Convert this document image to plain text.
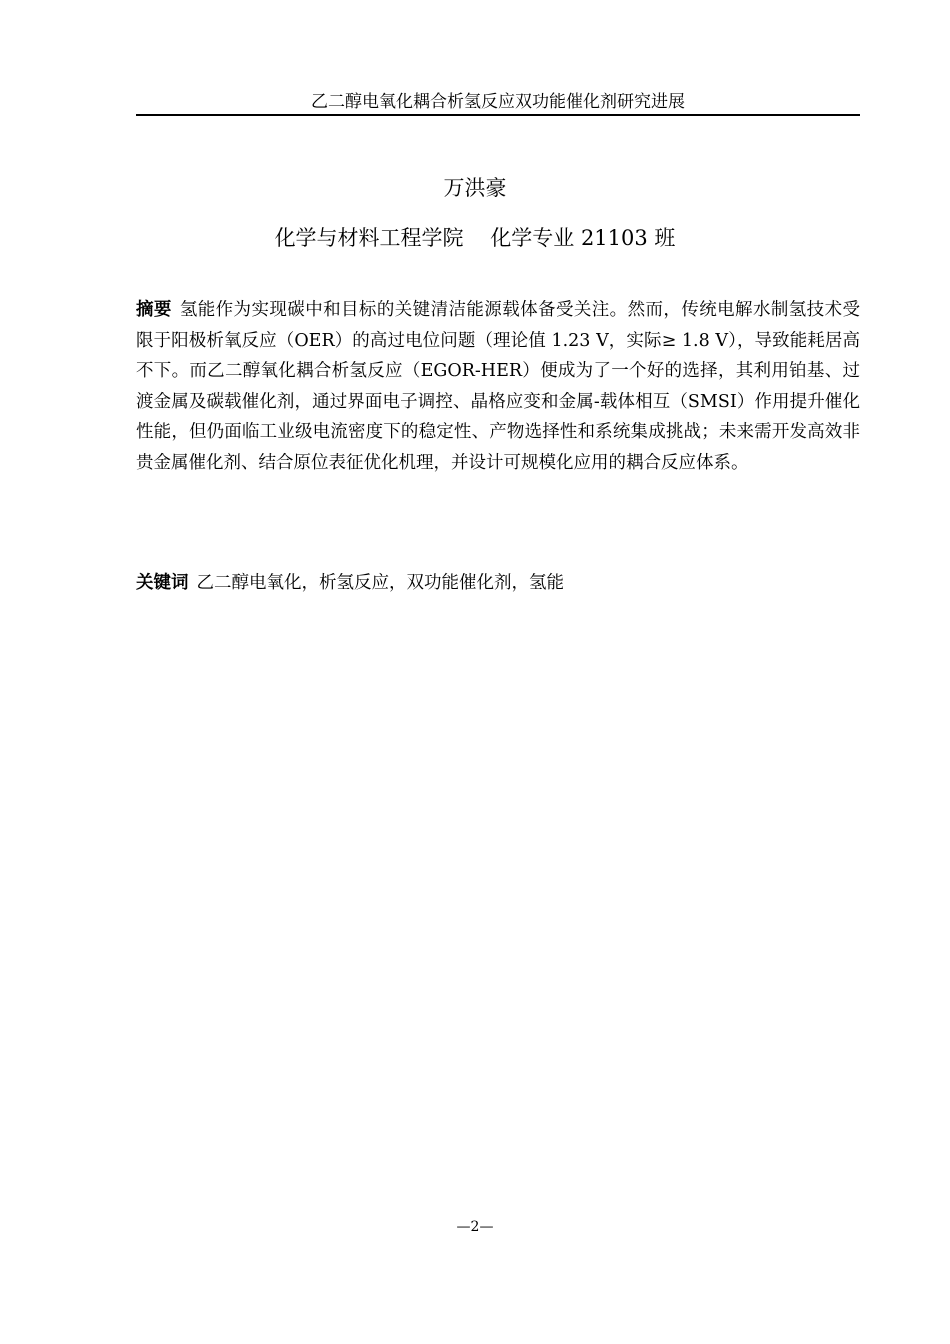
乙二醇电氧化耦合析氢反应双功能催化剂研究进展
万洪豪
化学与材料工程学院    化学专业 21103 班

摘要 氢能作为实现碳中和目标的关键清洁能源载体备受关注。然而，传统电解水制氢技术受限于阳极析氧反应（OER）的高过电位问题（理论值 1.23 V，实际≥ 1.8 V），导致能耗居高不下。而乙二醇氧化耦合析氢反应（EGOR-HER）便成为了一个好的选择，其利用铂基、过渡金属及碳载催化剂，通过界面电子调控、晶格应变和金属-载体相互（SMSI）作用提升催化性能，但仍面临工业级电流密度下的稳定性、产物选择性和系统集成挑战；未来需开发高效非贵金属催化剂、结合原位表征优化机理，并设计可规模化应用的耦合反应体系。

关键词 乙二醇电氧化，析氢反应，双功能催化剂，氢能

—2—
